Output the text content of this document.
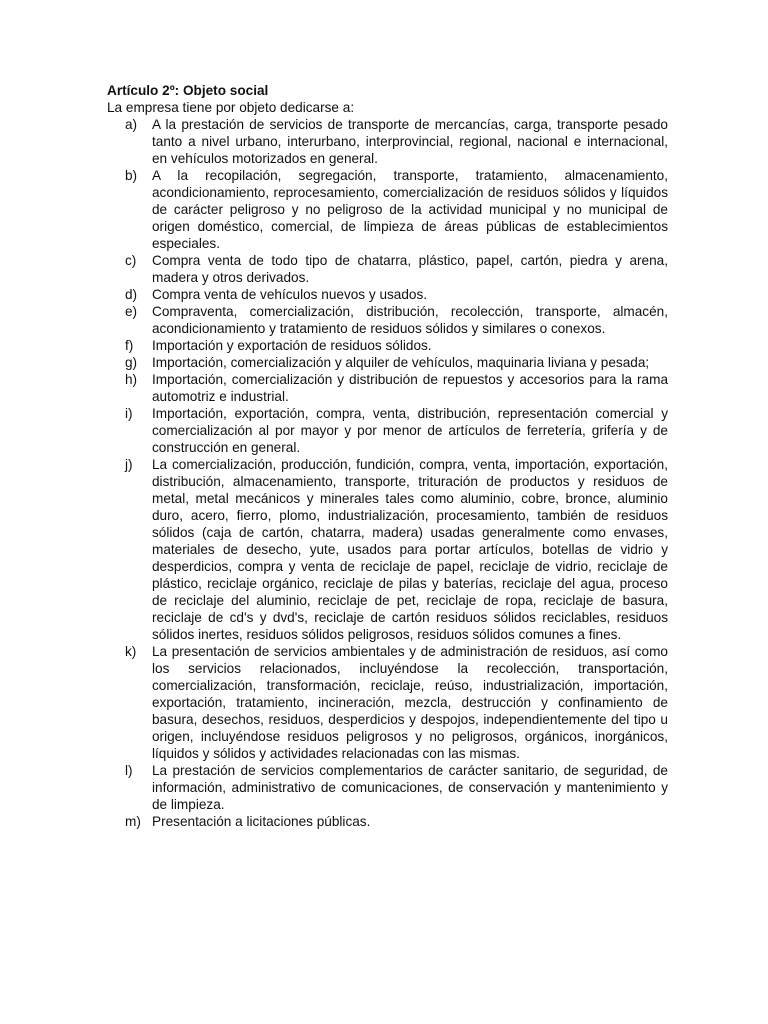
Artículo 2º: Objeto social

La empresa tiene por objeto dedicarse a:

a) A la prestación de servicios de transporte de mercancías, carga, transporte pesado tanto a nivel urbano, interurbano, interprovincial, regional, nacional e internacional, en vehículos motorizados en general.
b) A la recopilación, segregación, transporte, tratamiento, almacenamiento, acondicionamiento, reprocesamiento, comercialización de residuos sólidos y líquidos de carácter peligroso y no peligroso de la actividad municipal y no municipal de origen doméstico, comercial, de limpieza de áreas públicas de establecimientos especiales.
c) Compra venta de todo tipo de chatarra, plástico, papel, cartón, piedra y arena, madera y otros derivados.
d) Compra venta de vehículos nuevos y usados.
e) Compraventa, comercialización, distribución, recolección, transporte, almacén, acondicionamiento y tratamiento de residuos sólidos y similares o conexos.
f) Importación y exportación de residuos sólidos.
g) Importación, comercialización y alquiler de vehículos, maquinaria liviana y pesada;
h) Importación, comercialización y distribución de repuestos y accesorios para la rama automotriz e industrial.
i) Importación, exportación, compra, venta, distribución, representación comercial y comercialización al por mayor y por menor de artículos de ferretería, grifería y de construcción en general.
j) La comercialización, producción, fundición, compra, venta, importación, exportación, distribución, almacenamiento, transporte, trituración de productos y residuos de metal, metal mecánicos y minerales tales como aluminio, cobre, bronce, aluminio duro, acero, fierro, plomo, industrialización, procesamiento, también de residuos sólidos (caja de cartón, chatarra, madera) usadas generalmente como envases, materiales de desecho, yute, usados para portar artículos, botellas de vidrio y desperdicios, compra y venta de reciclaje de papel, reciclaje de vidrio, reciclaje de plástico, reciclaje orgánico, reciclaje de pilas y baterías, reciclaje del agua, proceso de reciclaje del aluminio, reciclaje de pet, reciclaje de ropa, reciclaje de basura, reciclaje de cd's y dvd's, reciclaje de cartón residuos sólidos reciclables, residuos sólidos inertes, residuos sólidos peligrosos, residuos sólidos comunes a fines.
k) La presentación de servicios ambientales y de administración de residuos, así como los servicios relacionados, incluyéndose la recolección, transportación, comercialización, transformación, reciclaje, reúso, industrialización, importación, exportación, tratamiento, incineración, mezcla, destrucción y confinamiento de basura, desechos, residuos, desperdicios y despojos, independientemente del tipo u origen, incluyéndose residuos peligrosos y no peligrosos, orgánicos, inorgánicos, líquidos y sólidos y actividades relacionadas con las mismas.
l) La prestación de servicios complementarios de carácter sanitario, de seguridad, de información, administrativo de comunicaciones, de conservación y mantenimiento y de limpieza.
m) Presentación a licitaciones públicas.
